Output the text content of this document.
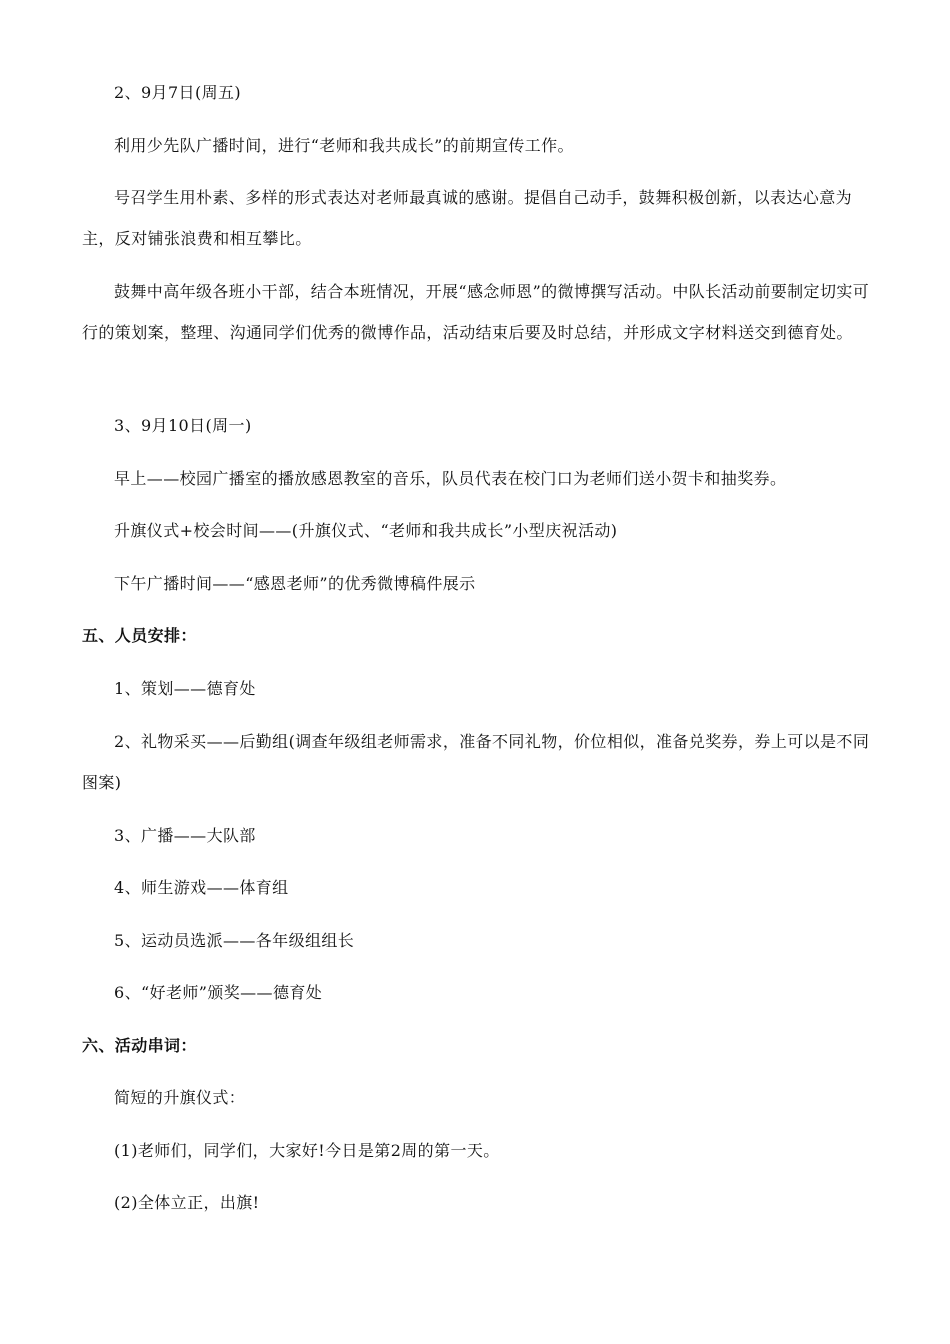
2、9月7日(周五)

利用少先队广播时间，进行“老师和我共成长”的前期宣传工作。

号召学生用朴素、多样的形式表达对老师最真诚的感谢。提倡自己动手，鼓舞积极创新，以表达心意为主，反对铺张浪费和相互攀比。

鼓舞中高年级各班小干部，结合本班情况，开展“感念师恩”的微博撰写活动。中队长活动前要制定切实可行的策划案，整理、沟通同学们优秀的微博作品，活动结束后要及时总结，并形成文字材料送交到德育处。

3、9月10日(周一)

早上——校园广播室的播放感恩教室的音乐，队员代表在校门口为老师们送小贺卡和抽奖券。

升旗仪式+校会时间——(升旗仪式、“老师和我共成长”小型庆祝活动)

下午广播时间——“感恩老师”的优秀微博稿件展示

五、人员安排：

1、策划——德育处

2、礼物采买——后勤组(调查年级组老师需求，准备不同礼物，价位相似，准备兑奖券，券上可以是不同图案)

3、广播——大队部

4、师生游戏——体育组

5、运动员选派——各年级组组长

6、“好老师”颁奖——德育处

六、活动串词：

简短的升旗仪式：

(1)老师们，同学们，大家好!今日是第2周的第一天。

(2)全体立正，出旗!
